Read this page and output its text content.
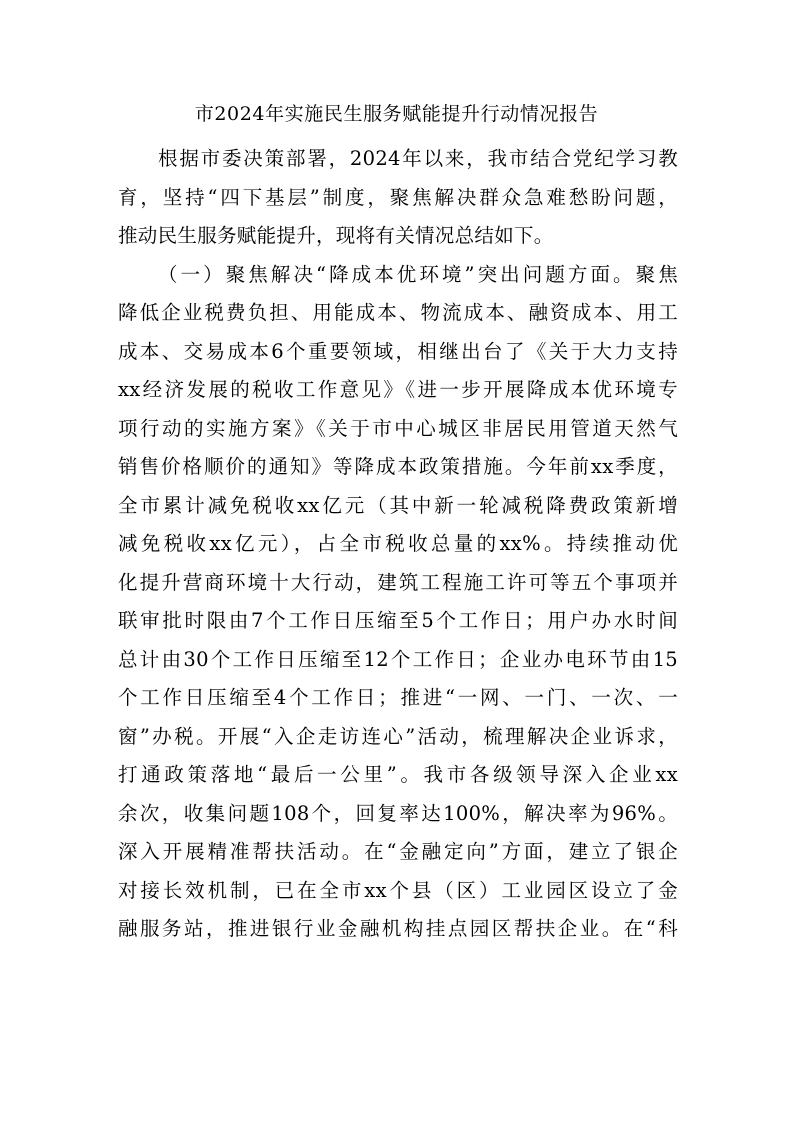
市2024年实施民生服务赋能提升行动情况报告
根据市委决策部署，2024年以来，我市结合党纪学习教
育，坚持“四下基层”制度，聚焦解决群众急难愁盼问题，
推动民生服务赋能提升，现将有关情况总结如下。
（一）聚焦解决“降成本优环境”突出问题方面。聚焦
降低企业税费负担、用能成本、物流成本、融资成本、用工
成本、交易成本6个重要领域，相继出台了《关于大力支持
xx经济发展的税收工作意见》《进一步开展降成本优环境专
项行动的实施方案》《关于市中心城区非居民用管道天然气
销售价格顺价的通知》等降成本政策措施。今年前xx季度，
全市累计减免税收xx亿元（其中新一轮减税降费政策新增
减免税收xx亿元），占全市税收总量的xx%。持续推动优
化提升营商环境十大行动，建筑工程施工许可等五个事项并
联审批时限由7个工作日压缩至5个工作日；用户办水时间
总计由30个工作日压缩至12个工作日；企业办电环节由15
个工作日压缩至4个工作日；推进“一网、一门、一次、一
窗”办税。开展“入企走访连心”活动，梳理解决企业诉求，
打通政策落地“最后一公里”。我市各级领导深入企业xx
余次，收集问题108个，回复率达100%，解决率为96%。
深入开展精准帮扶活动。在“金融定向”方面，建立了银企
对接长效机制，已在全市xx个县（区）工业园区设立了金
融服务站，推进银行业金融机构挂点园区帮扶企业。在“科
